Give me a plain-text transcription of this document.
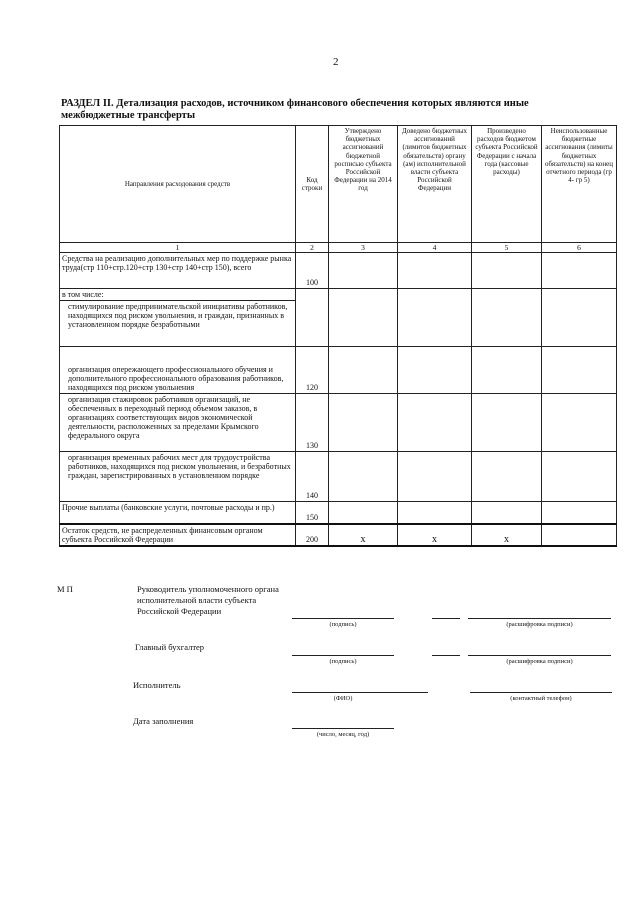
2
РАЗДЕЛ II. Детализация расходов, источником финансового обеспечения которых являются иные межбюджетные трансферты
Направления расходования средств	Код строки	Утверждено бюджетных ассигнований бюджетной росписью субъекта Российской Федерации на 2014 год	Доведено бюджетных ассигнований (лимитов бюджетных обязательств) органу (ам) исполнительной власти субъекта Российской Федерации	Произведено расходов бюджетом субъекта Российской Федерации с начала года (кассовые расходы)	Неиспользованные бюджетные ассигнования (лимиты бюджетных обязательств) на конец отчетного периода (гр 4- гр 5)
1	2	3	4	5	6
Средства на реализацию дополнительных мер по поддержке рынка труда(стр 110+стр.120+стр 130+стр 140+стр 150), всего	100				
в том числе:					
стимулирование предпринимательской инициативы работников, находящихся под риском увольнения, и граждан, признанных в установленном порядке безработными					
организация опережающего профессионального обучения и дополнительного профессионального образования работников, находящихся под риском увольнения	120				
организация стажировок работников организаций, не обеспеченных в переходный период объемом заказов, в организациях соответствующих видов экономической деятельности, расположенных за пределами Крымского федерального округа	130				
организация временных рабочих мест для трудоустройства работников, находящихся под риском увольнения, и безработных граждан, зарегистрированных в установленном порядке	140				
Прочие выплаты (банковские услуги, почтовые расходы и пр.)	150				
Остаток средств, не распределенных финансовым органом субъекта Российской Федерации	200	х	х	х	
М П	Руководитель уполномоченного органа исполнительной власти субъекта Российской Федерации
(подпись)	(расшифровка подписи)
Главный бухгалтер
(подпись)	(расшифровка подписи)
Исполнитель
(ФИО)	(контактный телефон)
Дата заполнения
(число, месяц, год)
